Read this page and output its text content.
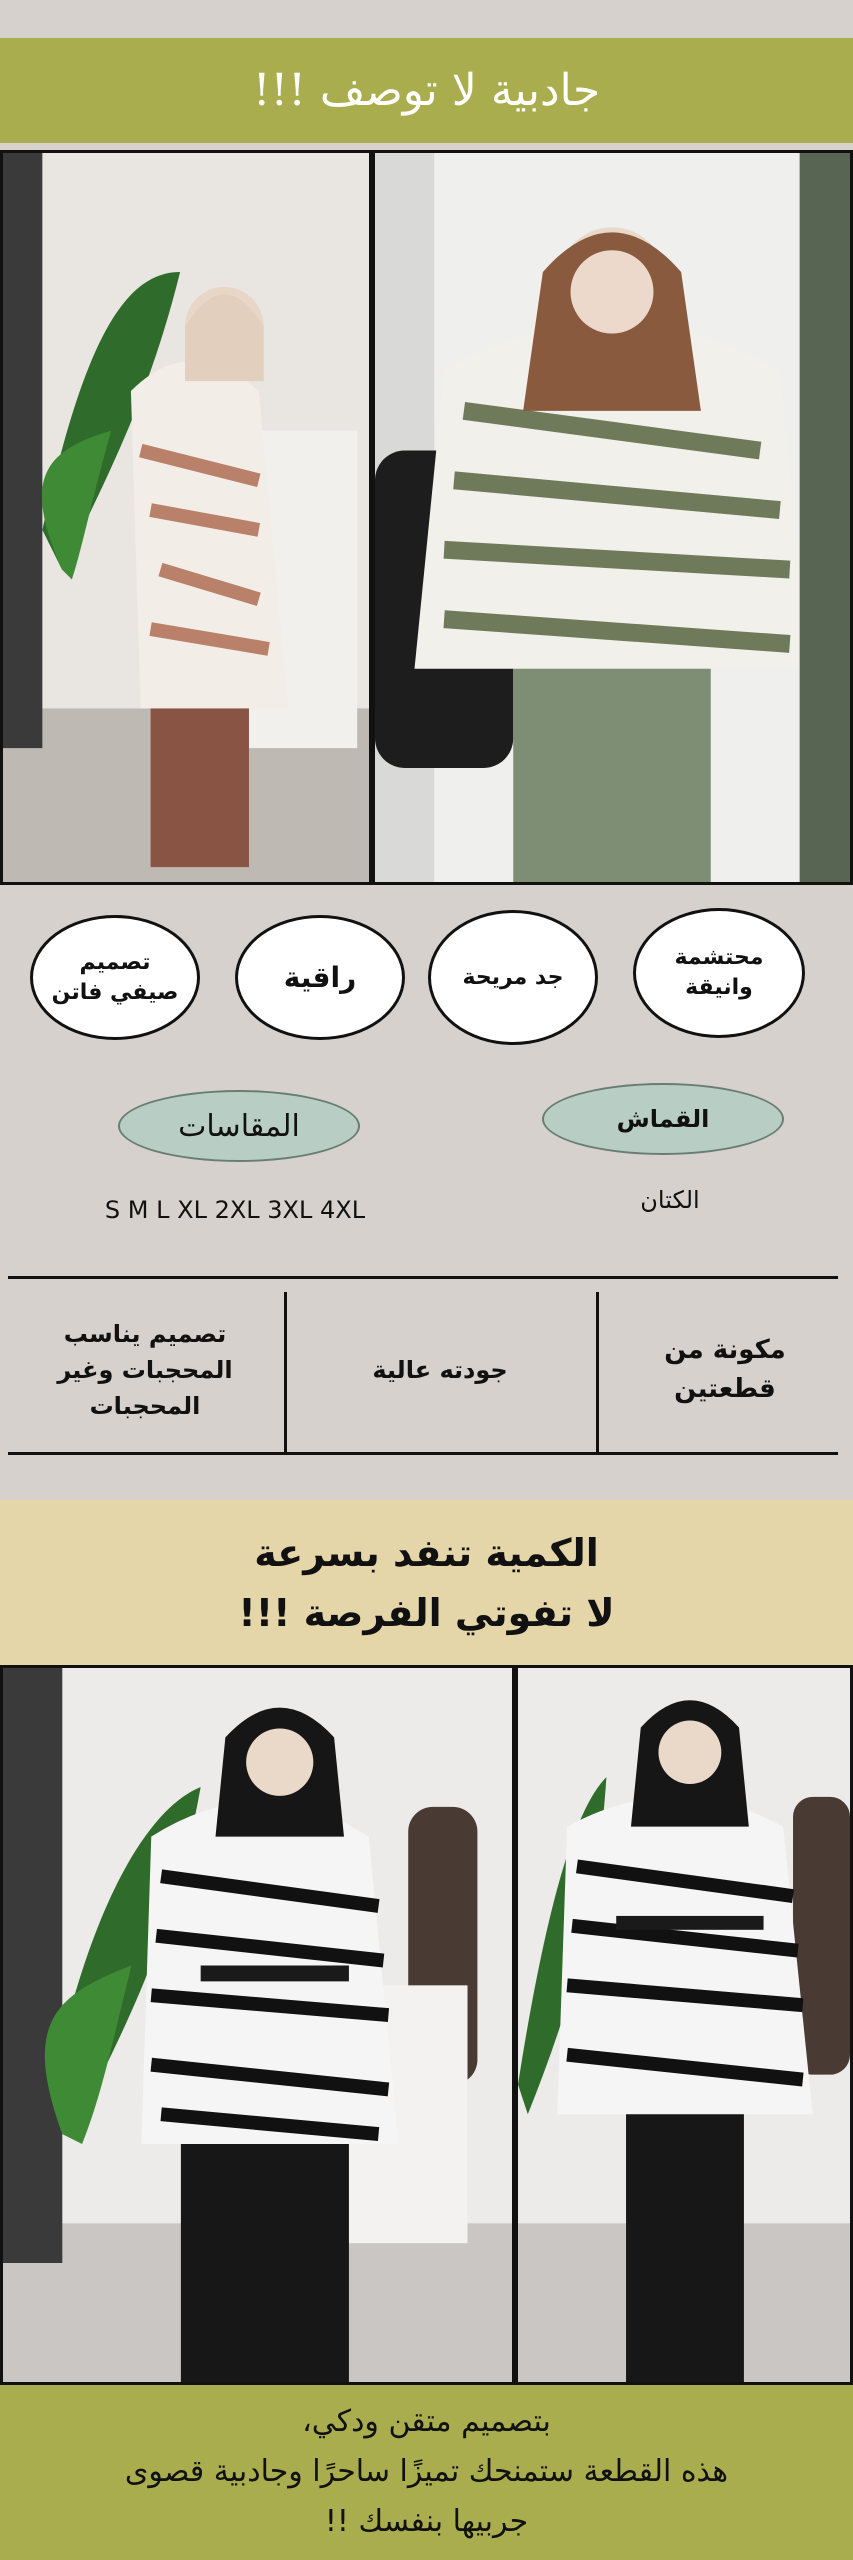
جادبية لا توصف !!!
تصميم صيفي فاتن	راقية	جد مريحة
محتشمة وانيقة
المقاسات
S M L XL 2XL 3XL 4XL
القماش
الكتان
تصميم يناسب المحجبات وغير المحجبات
جودته عالية
مكونة من قطعتين
الكمية تنفد بسرعة
لا تفوتي الفرصة !!!
بتصميم متقن ودكي،
هذه القطعة ستمنحك تميزًا ساحرًا وجادبية قصوى
جربيها بنفسك !!
